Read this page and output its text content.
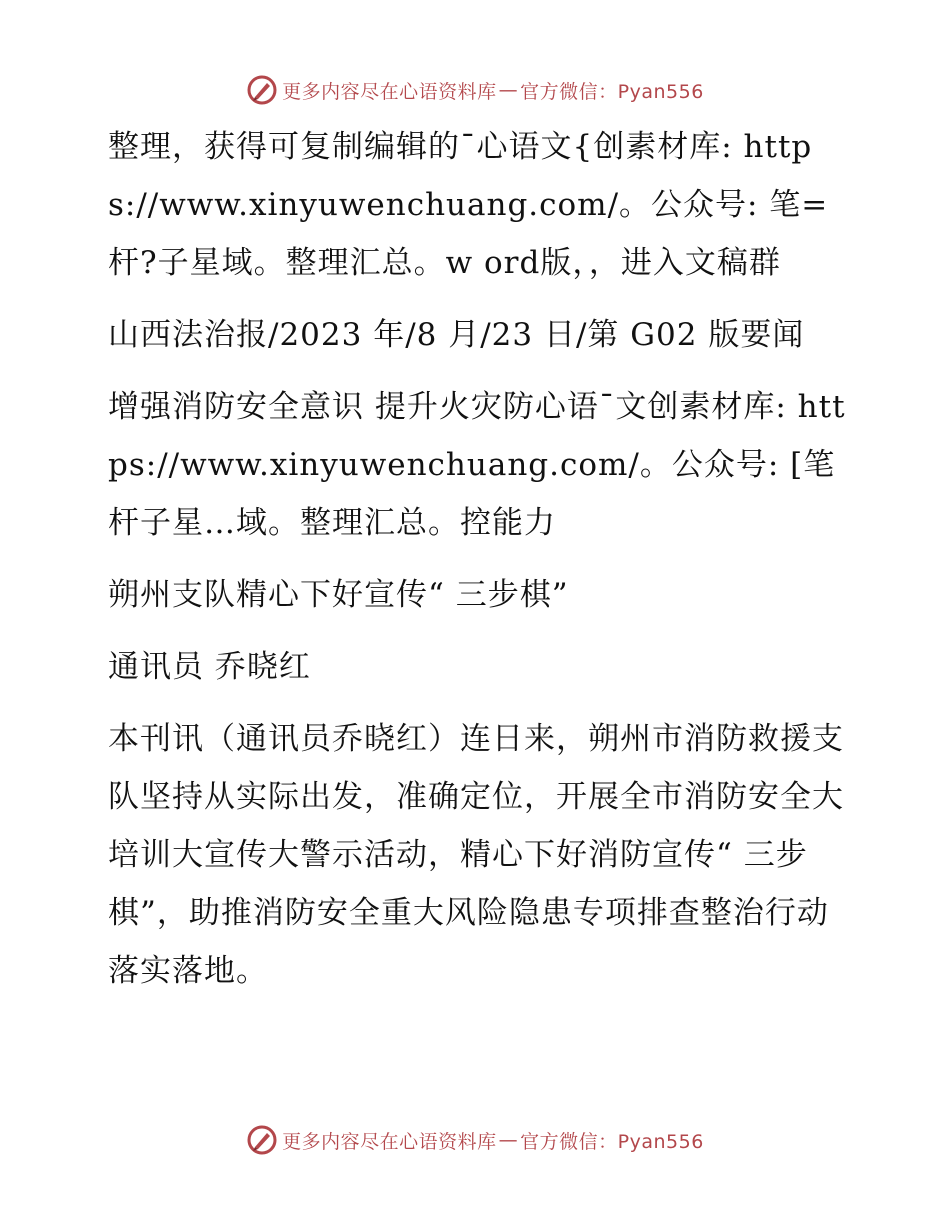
更多内容尽在心语资料库 — 官方微信：Pyan556

整理，获得可复制编辑的¯心语文{创素材库: https://www.xinyuwenchuang.com/。公众号: 笔=杆?子星域。整理汇总。w ord版，，进入文稿群

山西法治报/2023 年/8 月/23 日/第 G02 版要闻

增强消防安全意识 提升火灾防心语¯文创素材库: https://www.xinyuwenchuang.com/。公众号: [笔杆子星…域。整理汇总。控能力

朔州支队精心下好宣传“ 三步棋”

通讯员 乔晓红

本刊讯（通讯员乔晓红）连日来，朔州市消防救援支队坚持从实际出发，准确定位，开展全市消防安全大培训大宣传大警示活动，精心下好消防宣传“ 三步棋”，助推消防安全重大风险隐患专项排查整治行动落实落地。

更多内容尽在心语资料库 — 官方微信：Pyan556
